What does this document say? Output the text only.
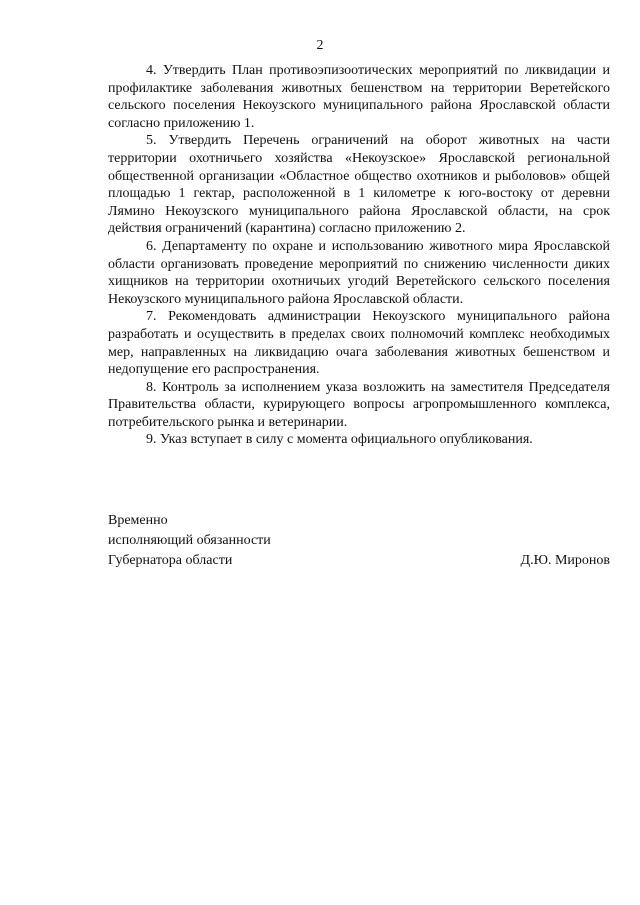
2

4. Утвердить План противоэпизоотических мероприятий по ликвидации и профилактике заболевания животных бешенством на территории Веретейского сельского поселения Некоузского муниципального района Ярославской области согласно приложению 1.

5. Утвердить Перечень ограничений на оборот животных на части территории охотничьего хозяйства «Некоузское» Ярославской региональной общественной организации «Областное общество охотников и рыболовов» общей площадью 1 гектар, расположенной в 1 километре к юго-востоку от деревни Лямино Некоузского муниципального района Ярославской области, на срок действия ограничений (карантина) согласно приложению 2.

6. Департаменту по охране и использованию животного мира Ярославской области организовать проведение мероприятий по снижению численности диких хищников на территории охотничьих угодий Веретейского сельского поселения Некоузского муниципального района Ярославской области.

7. Рекомендовать администрации Некоузского муниципального района разработать и осуществить в пределах своих полномочий комплекс необходимых мер, направленных на ликвидацию очага заболевания животных бешенством и недопущение его распространения.

8. Контроль за исполнением указа возложить на заместителя Председателя Правительства области, курирующего вопросы агропромышленного комплекса, потребительского рынка и ветеринарии.

9. Указ вступает в силу с момента официального опубликования.

Временно
исполняющий обязанности
Губернатора области	Д.Ю. Миронов
